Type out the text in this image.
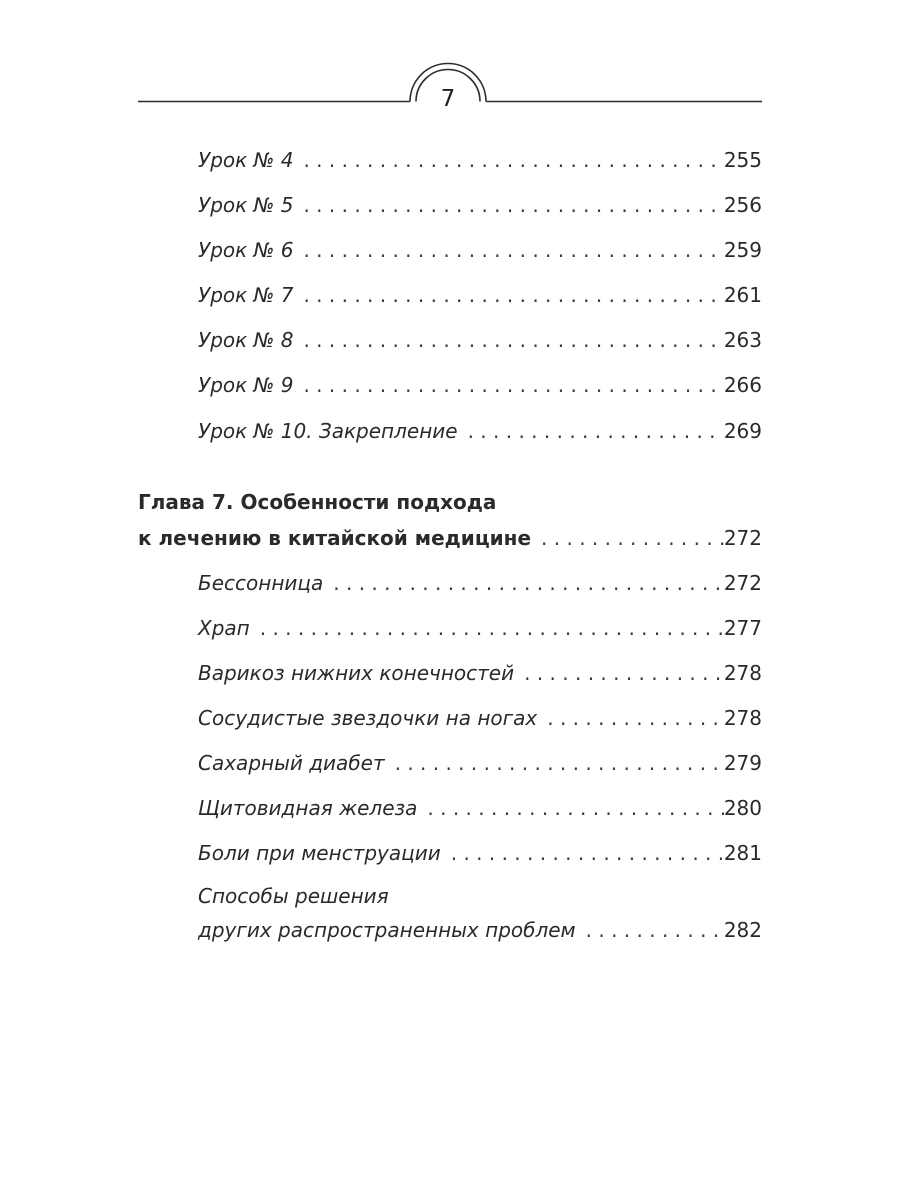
7
Урок № 4 . . .	255
Урок № 5 . . .	256
Урок № 6 . . .	259
Урок № 7 . . .	261
Урок № 8 . . .	263
Урок № 9 . . .	266
Урок № 10. Закрепление . . .	269
Глава 7. Особенности подхода
к лечению в китайской медицине . . .	272
Бессонница . . .	272
Храп . . .	277
Варикоз нижних конечностей . . .	278
Сосудистые звездочки на ногах . . .	278
Сахарный диабет . . .	279
Щитовидная железа . . .	280
Боли при менструации . . .	281
Способы решения
других распространенных проблем . . .	282
